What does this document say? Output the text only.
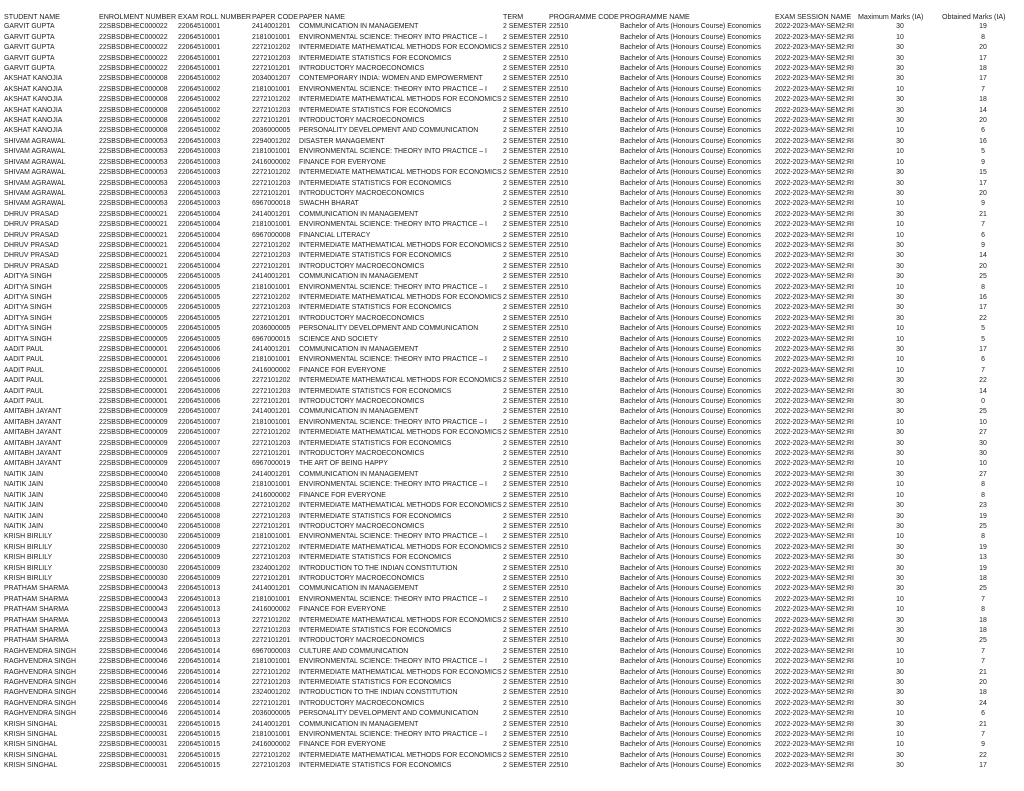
STUDENT NAME	ENROLMENT NUMBER	EXAM ROLL NUMBER	PAPER CODE	PAPER NAME	TERM	PROGRAMME CODE	PROGRAMME NAME	EXAM SESSION NAME	Maximum Marks (IA)	Obtained Marks (IA)
GARVIT GUPTA	22SBSDBHEC000022	22064510001	2414001201	COMMUNICATION IN MANAGEMENT	2 SEMESTER	22510	Bachelor of Arts (Honours Course) Economics	2022-2023-MAY-SEM2:RI	30	19
GARVIT GUPTA	22SBSDBHEC000022	22064510001	2181001001	ENVIRONMENTAL SCIENCE: THEORY INTO PRACTICE – I	2 SEMESTER	22510	Bachelor of Arts (Honours Course) Economics	2022-2023-MAY-SEM2:RI	10	8
GARVIT GUPTA	22SBSDBHEC000022	22064510001	2272101202	INTERMEDIATE MATHEMATICAL METHODS FOR ECONOMICS	2 SEMESTER	22510	Bachelor of Arts (Honours Course) Economics	2022-2023-MAY-SEM2:RI	30	20
GARVIT GUPTA	22SBSDBHEC000022	22064510001	2272101203	INTERMEDIATE STATISTICS FOR ECONOMICS	2 SEMESTER	22510	Bachelor of Arts (Honours Course) Economics	2022-2023-MAY-SEM2:RI	30	17
GARVIT GUPTA	22SBSDBHEC000022	22064510001	2272101201	INTRODUCTORY MACROECONOMICS	2 SEMESTER	22510	Bachelor of Arts (Honours Course) Economics	2022-2023-MAY-SEM2:RI	30	18
AKSHAT KANOJIA	22SBSDBHEC000008	22064510002	2034001207	CONTEMPORARY INDIA: WOMEN AND EMPOWERMENT	2 SEMESTER	22510	Bachelor of Arts (Honours Course) Economics	2022-2023-MAY-SEM2:RI	30	17
AKSHAT KANOJIA	22SBSDBHEC000008	22064510002	2181001001	ENVIRONMENTAL SCIENCE: THEORY INTO PRACTICE – I	2 SEMESTER	22510	Bachelor of Arts (Honours Course) Economics	2022-2023-MAY-SEM2:RI	10	7
AKSHAT KANOJIA	22SBSDBHEC000008	22064510002	2272101202	INTERMEDIATE MATHEMATICAL METHODS FOR ECONOMICS	2 SEMESTER	22510	Bachelor of Arts (Honours Course) Economics	2022-2023-MAY-SEM2:RI	30	18
AKSHAT KANOJIA	22SBSDBHEC000008	22064510002	2272101203	INTERMEDIATE STATISTICS FOR ECONOMICS	2 SEMESTER	22510	Bachelor of Arts (Honours Course) Economics	2022-2023-MAY-SEM2:RI	30	14
AKSHAT KANOJIA	22SBSDBHEC000008	22064510002	2272101201	INTRODUCTORY MACROECONOMICS	2 SEMESTER	22510	Bachelor of Arts (Honours Course) Economics	2022-2023-MAY-SEM2:RI	30	20
AKSHAT KANOJIA	22SBSDBHEC000008	22064510002	2036000005	PERSONALITY DEVELOPMENT AND COMMUNICATION	2 SEMESTER	22510	Bachelor of Arts (Honours Course) Economics	2022-2023-MAY-SEM2:RI	10	6
SHIVAM AGRAWAL	22SBSDBHEC000053	22064510003	2294001202	DISASTER MANAGEMENT	2 SEMESTER	22510	Bachelor of Arts (Honours Course) Economics	2022-2023-MAY-SEM2:RI	30	16
SHIVAM AGRAWAL	22SBSDBHEC000053	22064510003	2181001001	ENVIRONMENTAL SCIENCE: THEORY INTO PRACTICE – I	2 SEMESTER	22510	Bachelor of Arts (Honours Course) Economics	2022-2023-MAY-SEM2:RI	10	5
SHIVAM AGRAWAL	22SBSDBHEC000053	22064510003	2416000002	FINANCE FOR EVERYONE	2 SEMESTER	22510	Bachelor of Arts (Honours Course) Economics	2022-2023-MAY-SEM2:RI	10	9
SHIVAM AGRAWAL	22SBSDBHEC000053	22064510003	2272101202	INTERMEDIATE MATHEMATICAL METHODS FOR ECONOMICS	2 SEMESTER	22510	Bachelor of Arts (Honours Course) Economics	2022-2023-MAY-SEM2:RI	30	15
SHIVAM AGRAWAL	22SBSDBHEC000053	22064510003	2272101203	INTERMEDIATE STATISTICS FOR ECONOMICS	2 SEMESTER	22510	Bachelor of Arts (Honours Course) Economics	2022-2023-MAY-SEM2:RI	30	17
SHIVAM AGRAWAL	22SBSDBHEC000053	22064510003	2272101201	INTRODUCTORY MACROECONOMICS	2 SEMESTER	22510	Bachelor of Arts (Honours Course) Economics	2022-2023-MAY-SEM2:RI	30	20
SHIVAM AGRAWAL	22SBSDBHEC000053	22064510003	6967000018	SWACHH BHARAT	2 SEMESTER	22510	Bachelor of Arts (Honours Course) Economics	2022-2023-MAY-SEM2:RI	10	9
DHRUV PRASAD	22SBSDBHEC000021	22064510004	2414001201	COMMUNICATION IN MANAGEMENT	2 SEMESTER	22510	Bachelor of Arts (Honours Course) Economics	2022-2023-MAY-SEM2:RI	30	21
DHRUV PRASAD	22SBSDBHEC000021	22064510004	2181001001	ENVIRONMENTAL SCIENCE: THEORY INTO PRACTICE – I	2 SEMESTER	22510	Bachelor of Arts (Honours Course) Economics	2022-2023-MAY-SEM2:RI	10	7
DHRUV PRASAD	22SBSDBHEC000021	22064510004	6967000008	FINANCIAL LITERACY	2 SEMESTER	22510	Bachelor of Arts (Honours Course) Economics	2022-2023-MAY-SEM2:RI	10	6
DHRUV PRASAD	22SBSDBHEC000021	22064510004	2272101202	INTERMEDIATE MATHEMATICAL METHODS FOR ECONOMICS	2 SEMESTER	22510	Bachelor of Arts (Honours Course) Economics	2022-2023-MAY-SEM2:RI	30	9
DHRUV PRASAD	22SBSDBHEC000021	22064510004	2272101203	INTERMEDIATE STATISTICS FOR ECONOMICS	2 SEMESTER	22510	Bachelor of Arts (Honours Course) Economics	2022-2023-MAY-SEM2:RI	30	14
DHRUV PRASAD	22SBSDBHEC000021	22064510004	2272101201	INTRODUCTORY MACROECONOMICS	2 SEMESTER	22510	Bachelor of Arts (Honours Course) Economics	2022-2023-MAY-SEM2:RI	30	20
ADITYA SINGH	22SBSDBHEC000005	22064510005	2414001201	COMMUNICATION IN MANAGEMENT	2 SEMESTER	22510	Bachelor of Arts (Honours Course) Economics	2022-2023-MAY-SEM2:RI	30	25
ADITYA SINGH	22SBSDBHEC000005	22064510005	2181001001	ENVIRONMENTAL SCIENCE: THEORY INTO PRACTICE – I	2 SEMESTER	22510	Bachelor of Arts (Honours Course) Economics	2022-2023-MAY-SEM2:RI	10	8
ADITYA SINGH	22SBSDBHEC000005	22064510005	2272101202	INTERMEDIATE MATHEMATICAL METHODS FOR ECONOMICS	2 SEMESTER	22510	Bachelor of Arts (Honours Course) Economics	2022-2023-MAY-SEM2:RI	30	16
ADITYA SINGH	22SBSDBHEC000005	22064510005	2272101203	INTERMEDIATE STATISTICS FOR ECONOMICS	2 SEMESTER	22510	Bachelor of Arts (Honours Course) Economics	2022-2023-MAY-SEM2:RI	30	17
ADITYA SINGH	22SBSDBHEC000005	22064510005	2272101201	INTRODUCTORY MACROECONOMICS	2 SEMESTER	22510	Bachelor of Arts (Honours Course) Economics	2022-2023-MAY-SEM2:RI	30	22
ADITYA SINGH	22SBSDBHEC000005	22064510005	2036000005	PERSONALITY DEVELOPMENT AND COMMUNICATION	2 SEMESTER	22510	Bachelor of Arts (Honours Course) Economics	2022-2023-MAY-SEM2:RI	10	5
ADITYA SINGH	22SBSDBHEC000005	22064510005	6967000015	SCIENCE AND SOCIETY	2 SEMESTER	22510	Bachelor of Arts (Honours Course) Economics	2022-2023-MAY-SEM2:RI	10	5
AADIT PAUL	22SBSDBHEC000001	22064510006	2414001201	COMMUNICATION IN MANAGEMENT	2 SEMESTER	22510	Bachelor of Arts (Honours Course) Economics	2022-2023-MAY-SEM2:RI	30	17
AADIT PAUL	22SBSDBHEC000001	22064510006	2181001001	ENVIRONMENTAL SCIENCE: THEORY INTO PRACTICE – I	2 SEMESTER	22510	Bachelor of Arts (Honours Course) Economics	2022-2023-MAY-SEM2:RI	10	6
AADIT PAUL	22SBSDBHEC000001	22064510006	2416000002	FINANCE FOR EVERYONE	2 SEMESTER	22510	Bachelor of Arts (Honours Course) Economics	2022-2023-MAY-SEM2:RI	10	7
AADIT PAUL	22SBSDBHEC000001	22064510006	2272101202	INTERMEDIATE MATHEMATICAL METHODS FOR ECONOMICS	2 SEMESTER	22510	Bachelor of Arts (Honours Course) Economics	2022-2023-MAY-SEM2:RI	30	22
AADIT PAUL	22SBSDBHEC000001	22064510006	2272101203	INTERMEDIATE STATISTICS FOR ECONOMICS	2 SEMESTER	22510	Bachelor of Arts (Honours Course) Economics	2022-2023-MAY-SEM2:RI	30	14
AADIT PAUL	22SBSDBHEC000001	22064510006	2272101201	INTRODUCTORY MACROECONOMICS	2 SEMESTER	22510	Bachelor of Arts (Honours Course) Economics	2022-2023-MAY-SEM2:RI	30	0
AMITABH JAYANT	22SBSDBHEC000009	22064510007	2414001201	COMMUNICATION IN MANAGEMENT	2 SEMESTER	22510	Bachelor of Arts (Honours Course) Economics	2022-2023-MAY-SEM2:RI	30	25
AMITABH JAYANT	22SBSDBHEC000009	22064510007	2181001001	ENVIRONMENTAL SCIENCE: THEORY INTO PRACTICE – I	2 SEMESTER	22510	Bachelor of Arts (Honours Course) Economics	2022-2023-MAY-SEM2:RI	10	10
AMITABH JAYANT	22SBSDBHEC000009	22064510007	2272101202	INTERMEDIATE MATHEMATICAL METHODS FOR ECONOMICS	2 SEMESTER	22510	Bachelor of Arts (Honours Course) Economics	2022-2023-MAY-SEM2:RI	30	27
AMITABH JAYANT	22SBSDBHEC000009	22064510007	2272101203	INTERMEDIATE STATISTICS FOR ECONOMICS	2 SEMESTER	22510	Bachelor of Arts (Honours Course) Economics	2022-2023-MAY-SEM2:RI	30	30
AMITABH JAYANT	22SBSDBHEC000009	22064510007	2272101201	INTRODUCTORY MACROECONOMICS	2 SEMESTER	22510	Bachelor of Arts (Honours Course) Economics	2022-2023-MAY-SEM2:RI	30	30
AMITABH JAYANT	22SBSDBHEC000009	22064510007	6967000019	THE ART OF BEING HAPPY	2 SEMESTER	22510	Bachelor of Arts (Honours Course) Economics	2022-2023-MAY-SEM2:RI	10	10
NAITIK JAIN	22SBSDBHEC000040	22064510008	2414001201	COMMUNICATION IN MANAGEMENT	2 SEMESTER	22510	Bachelor of Arts (Honours Course) Economics	2022-2023-MAY-SEM2:RI	30	27
NAITIK JAIN	22SBSDBHEC000040	22064510008	2181001001	ENVIRONMENTAL SCIENCE: THEORY INTO PRACTICE – I	2 SEMESTER	22510	Bachelor of Arts (Honours Course) Economics	2022-2023-MAY-SEM2:RI	10	8
NAITIK JAIN	22SBSDBHEC000040	22064510008	2416000002	FINANCE FOR EVERYONE	2 SEMESTER	22510	Bachelor of Arts (Honours Course) Economics	2022-2023-MAY-SEM2:RI	10	8
NAITIK JAIN	22SBSDBHEC000040	22064510008	2272101202	INTERMEDIATE MATHEMATICAL METHODS FOR ECONOMICS	2 SEMESTER	22510	Bachelor of Arts (Honours Course) Economics	2022-2023-MAY-SEM2:RI	30	23
NAITIK JAIN	22SBSDBHEC000040	22064510008	2272101203	INTERMEDIATE STATISTICS FOR ECONOMICS	2 SEMESTER	22510	Bachelor of Arts (Honours Course) Economics	2022-2023-MAY-SEM2:RI	30	19
NAITIK JAIN	22SBSDBHEC000040	22064510008	2272101201	INTRODUCTORY MACROECONOMICS	2 SEMESTER	22510	Bachelor of Arts (Honours Course) Economics	2022-2023-MAY-SEM2:RI	30	25
KRISH BIRLILY	22SBSDBHEC000030	22064510009	2181001001	ENVIRONMENTAL SCIENCE: THEORY INTO PRACTICE – I	2 SEMESTER	22510	Bachelor of Arts (Honours Course) Economics	2022-2023-MAY-SEM2:RI	10	8
KRISH BIRLILY	22SBSDBHEC000030	22064510009	2272101202	INTERMEDIATE MATHEMATICAL METHODS FOR ECONOMICS	2 SEMESTER	22510	Bachelor of Arts (Honours Course) Economics	2022-2023-MAY-SEM2:RI	30	19
KRISH BIRLILY	22SBSDBHEC000030	22064510009	2272101203	INTERMEDIATE STATISTICS FOR ECONOMICS	2 SEMESTER	22510	Bachelor of Arts (Honours Course) Economics	2022-2023-MAY-SEM2:RI	30	13
KRISH BIRLILY	22SBSDBHEC000030	22064510009	2324001202	INTRODUCTION TO THE INDIAN CONSTITUTION	2 SEMESTER	22510	Bachelor of Arts (Honours Course) Economics	2022-2023-MAY-SEM2:RI	30	19
KRISH BIRLILY	22SBSDBHEC000030	22064510009	2272101201	INTRODUCTORY MACROECONOMICS	2 SEMESTER	22510	Bachelor of Arts (Honours Course) Economics	2022-2023-MAY-SEM2:RI	30	18
PRATHAM SHARMA	22SBSDBHEC000043	22064510013	2414001201	COMMUNICATION IN MANAGEMENT	2 SEMESTER	22510	Bachelor of Arts (Honours Course) Economics	2022-2023-MAY-SEM2:RI	30	25
PRATHAM SHARMA	22SBSDBHEC000043	22064510013	2181001001	ENVIRONMENTAL SCIENCE: THEORY INTO PRACTICE – I	2 SEMESTER	22510	Bachelor of Arts (Honours Course) Economics	2022-2023-MAY-SEM2:RI	10	7
PRATHAM SHARMA	22SBSDBHEC000043	22064510013	2416000002	FINANCE FOR EVERYONE	2 SEMESTER	22510	Bachelor of Arts (Honours Course) Economics	2022-2023-MAY-SEM2:RI	10	8
PRATHAM SHARMA	22SBSDBHEC000043	22064510013	2272101202	INTERMEDIATE MATHEMATICAL METHODS FOR ECONOMICS	2 SEMESTER	22510	Bachelor of Arts (Honours Course) Economics	2022-2023-MAY-SEM2:RI	30	18
PRATHAM SHARMA	22SBSDBHEC000043	22064510013	2272101203	INTERMEDIATE STATISTICS FOR ECONOMICS	2 SEMESTER	22510	Bachelor of Arts (Honours Course) Economics	2022-2023-MAY-SEM2:RI	30	18
PRATHAM SHARMA	22SBSDBHEC000043	22064510013	2272101201	INTRODUCTORY MACROECONOMICS	2 SEMESTER	22510	Bachelor of Arts (Honours Course) Economics	2022-2023-MAY-SEM2:RI	30	25
RAGHVENDRA SINGH	22SBSDBHEC000046	22064510014	6967000003	CULTURE AND COMMUNICATION	2 SEMESTER	22510	Bachelor of Arts (Honours Course) Economics	2022-2023-MAY-SEM2:RI	10	7
RAGHVENDRA SINGH	22SBSDBHEC000046	22064510014	2181001001	ENVIRONMENTAL SCIENCE: THEORY INTO PRACTICE – I	2 SEMESTER	22510	Bachelor of Arts (Honours Course) Economics	2022-2023-MAY-SEM2:RI	10	7
RAGHVENDRA SINGH	22SBSDBHEC000046	22064510014	2272101202	INTERMEDIATE MATHEMATICAL METHODS FOR ECONOMICS	2 SEMESTER	22510	Bachelor of Arts (Honours Course) Economics	2022-2023-MAY-SEM2:RI	30	21
RAGHVENDRA SINGH	22SBSDBHEC000046	22064510014	2272101203	INTERMEDIATE STATISTICS FOR ECONOMICS	2 SEMESTER	22510	Bachelor of Arts (Honours Course) Economics	2022-2023-MAY-SEM2:RI	30	20
RAGHVENDRA SINGH	22SBSDBHEC000046	22064510014	2324001202	INTRODUCTION TO THE INDIAN CONSTITUTION	2 SEMESTER	22510	Bachelor of Arts (Honours Course) Economics	2022-2023-MAY-SEM2:RI	30	18
RAGHVENDRA SINGH	22SBSDBHEC000046	22064510014	2272101201	INTRODUCTORY MACROECONOMICS	2 SEMESTER	22510	Bachelor of Arts (Honours Course) Economics	2022-2023-MAY-SEM2:RI	30	24
RAGHVENDRA SINGH	22SBSDBHEC000046	22064510014	2036000005	PERSONALITY DEVELOPMENT AND COMMUNICATION	2 SEMESTER	22510	Bachelor of Arts (Honours Course) Economics	2022-2023-MAY-SEM2:RI	10	6
KRISH SINGHAL	22SBSDBHEC000031	22064510015	2414001201	COMMUNICATION IN MANAGEMENT	2 SEMESTER	22510	Bachelor of Arts (Honours Course) Economics	2022-2023-MAY-SEM2:RI	30	21
KRISH SINGHAL	22SBSDBHEC000031	22064510015	2181001001	ENVIRONMENTAL SCIENCE: THEORY INTO PRACTICE – I	2 SEMESTER	22510	Bachelor of Arts (Honours Course) Economics	2022-2023-MAY-SEM2:RI	10	7
KRISH SINGHAL	22SBSDBHEC000031	22064510015	2416000002	FINANCE FOR EVERYONE	2 SEMESTER	22510	Bachelor of Arts (Honours Course) Economics	2022-2023-MAY-SEM2:RI	10	9
KRISH SINGHAL	22SBSDBHEC000031	22064510015	2272101202	INTERMEDIATE MATHEMATICAL METHODS FOR ECONOMICS	2 SEMESTER	22510	Bachelor of Arts (Honours Course) Economics	2022-2023-MAY-SEM2:RI	30	22
KRISH SINGHAL	22SBSDBHEC000031	22064510015	2272101203	INTERMEDIATE STATISTICS FOR ECONOMICS	2 SEMESTER	22510	Bachelor of Arts (Honours Course) Economics	2022-2023-MAY-SEM2:RI	30	17
